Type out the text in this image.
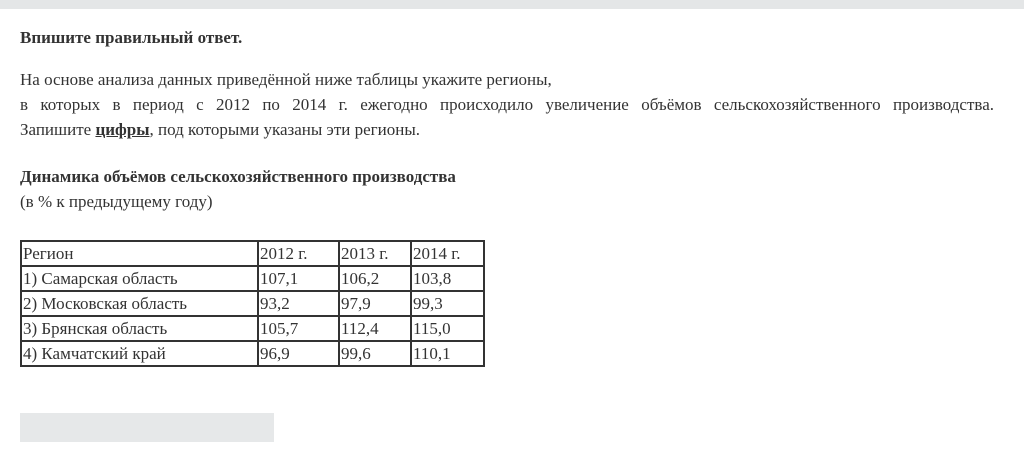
Впишите правильный ответ.
На основе анализа данных приведённой ниже таблицы укажите регионы,
в которых в период с 2012 по 2014 г. ежегодно происходило увеличение объёмов сельскохозяйственного производства.
Запишите цифры, под которыми указаны эти регионы.
Динамика объёмов сельскохозяйственного производства
(в % к предыдущему году)
Регион	2012 г.	2013 г.	2014 г.
1) Самарская область	107,1	106,2	103,8
2) Московская область	93,2	97,9	99,3
3) Брянская область	105,7	112,4	115,0
4) Камчатский край	96,9	99,6	110,1
